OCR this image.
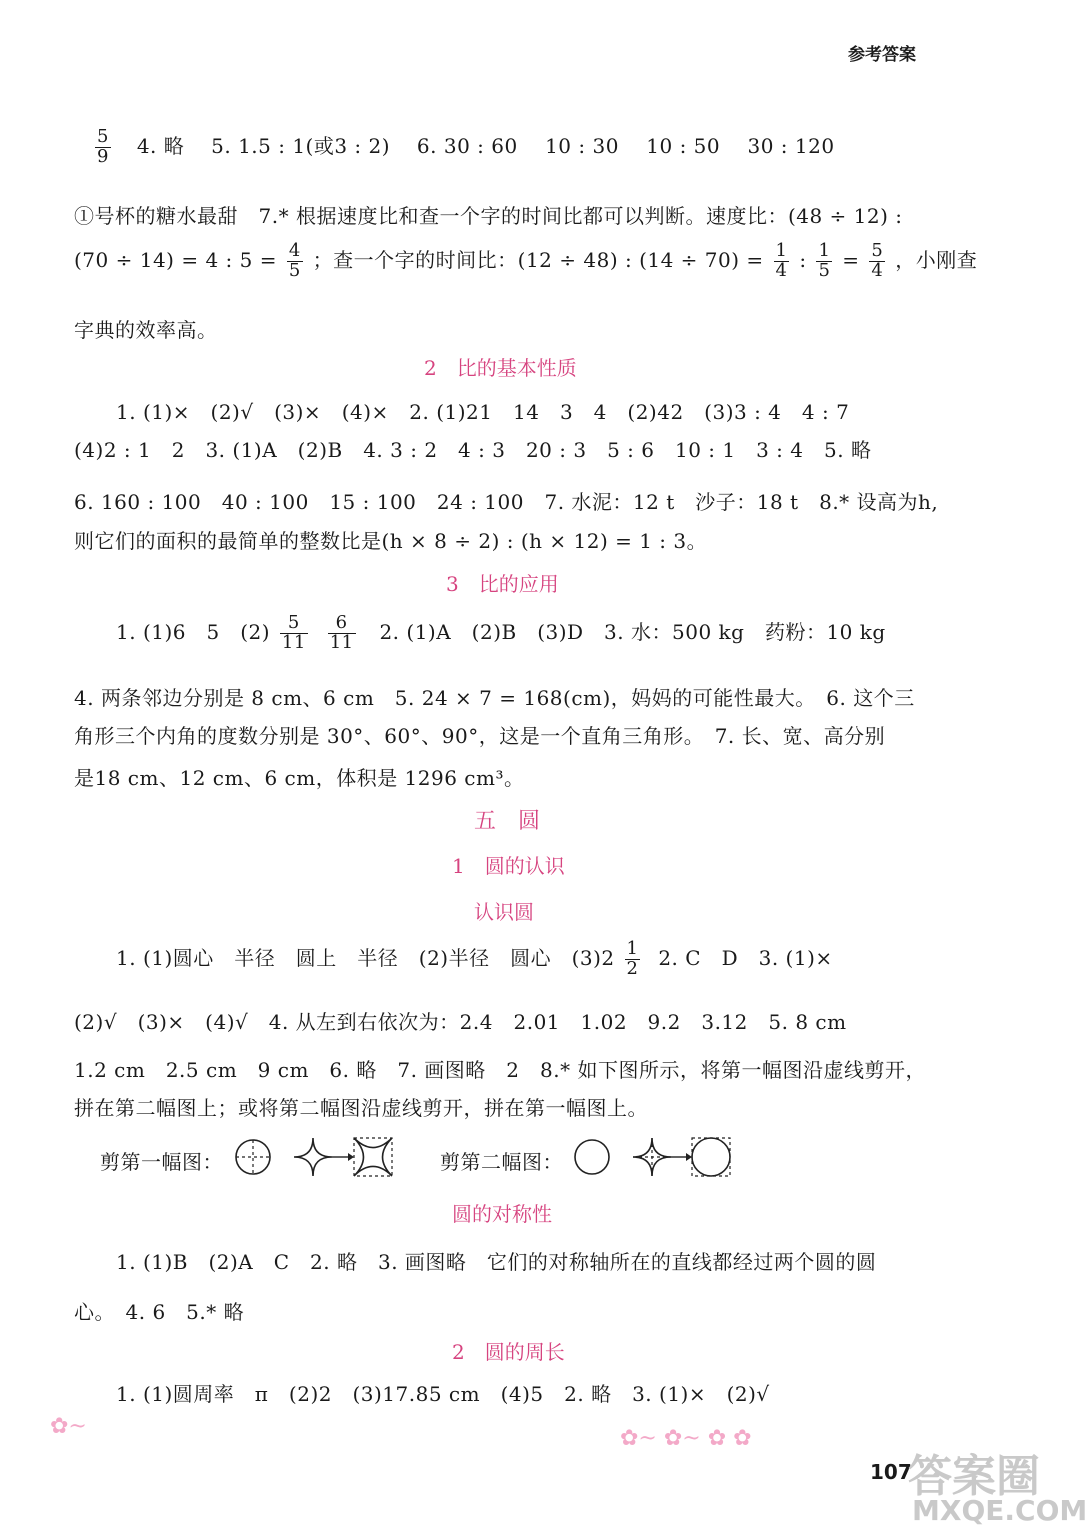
参考答案
$\frac{5}{9} 4$. 略 5. 1.5 : 1(或3 : 2) 6. 30 : 60　 10 : 30　 10 : 50　 30 : 120
①号杯的糖水最甜　7.* 根据速度比和查一个字的时间比都可以判断。速度比：(48 ÷ 12) :
(70 ÷ 14) = 4 : $5 = \frac{4}{5}$ ；查一个字的时间比：(12 ÷ 48) : $(14 \div 70) = \frac{1}{4}$ : $\frac{1}{5} = \frac{5}{4}$ ，小刚查
字典的效率高。
2　比的基本性质
1. (1)×　(2)√　(3)×　(4)×　2. (1)21　14　3　4　(2)42　(3)3 : 4　4 : 7
(4)2 : 1　2　3. (1)A　(2)B　4. 3 : 2　4 : 3　20 : 3　5 : 6　10 : 1　3 : 4　5. 略
6. 160 : 100　40 : 100　15 : 100　24 : 100　7. 水泥：12 t　沙子：18 t　8.* 设高为h,
则它们的面积的最简单的整数比是(h × 8 ÷ 2) : (h × 12) = 1 : 3。
3　比的应用
1. (1)6　5　$(2) \frac{5}{11}$
$\frac{6}{11} 2$. (1)A　(2)B　(3)D　3. 水：500 kg　药粉：10 kg
4. 两条邻边分别是 8 cm、6 cm　5. 24 × 7 = 168(cm)，妈妈的可能性最大。　6. 这个三
角形三个内角的度数分别是 30°、60°、90°，这是一个直角三角形。　7. 长、宽、高分别
是18 cm、12 cm、6 cm，体积是 1296 cm³。
五　圆
1　圆的认识
认识圆
1. (1)圆心　半径　圆上　半径　(2)半径　圆心　$(3)2 \frac{1}{2} 2$. C　D　3. (1)×
(2)√　(3)×　(4)√　4. 从左到右依次为：2.4　2.01　1.02　9.2　3.12　5. 8 cm
1.2 cm　2.5 cm　9 cm　6. 略　7. 画图略　2　8.* 如下图所示，将第一幅图沿虚线剪开，
拼在第二幅图上；或将第二幅图沿虚线剪开，拼在第一幅图上。
剪第一幅图：	剪第二幅图：
圆的对称性
1. (1)B　(2)A　C　2. 略　3. 画图略　它们的对称轴所在的直线都经过两个圆的圆
心。　4. 6　5.* 略
2　圆的周长
1. (1)圆周率　π　(2)2　(3)17.85 cm　(4)5　2. 略　3. (1)×　(2)√
✿~	✿~ ✿~ ✿ ✿
107
答案圈
MXQE.COM
